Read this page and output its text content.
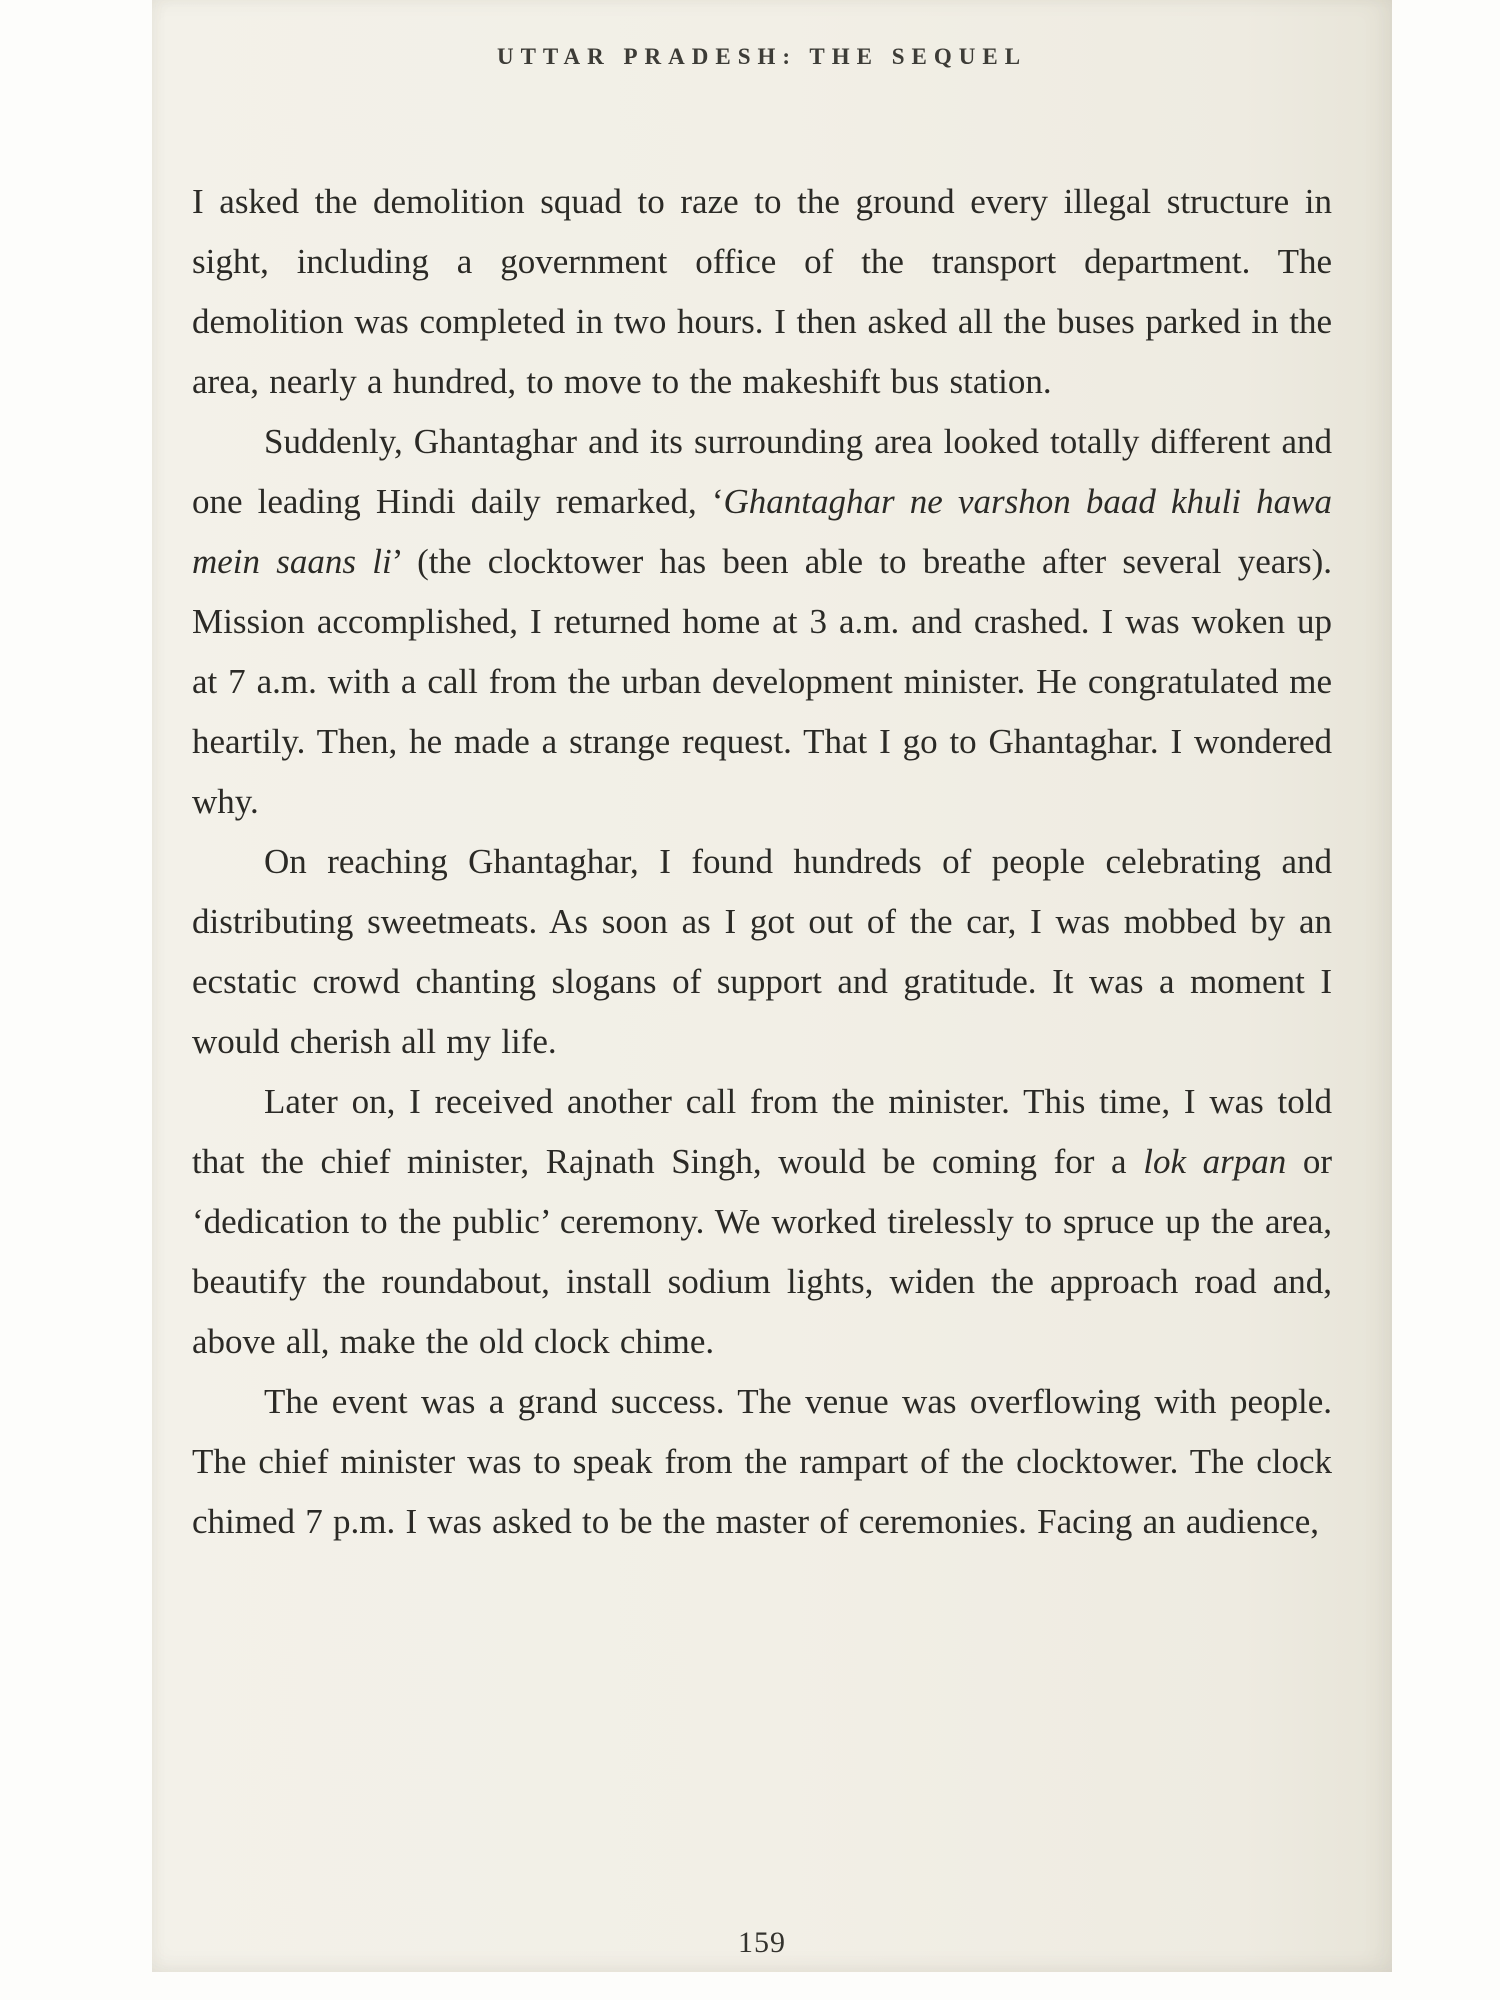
UTTAR PRADESH: THE SEQUEL

I asked the demolition squad to raze to the ground every illegal structure in sight, including a government office of the transport department. The demolition was completed in two hours. I then asked all the buses parked in the area, nearly a hundred, to move to the makeshift bus station.

Suddenly, Ghantaghar and its surrounding area looked totally different and one leading Hindi daily remarked, ‘Ghantaghar ne varshon baad khuli hawa mein saans li’ (the clocktower has been able to breathe after several years). Mission accomplished, I returned home at 3 a.m. and crashed. I was woken up at 7 a.m. with a call from the urban development minister. He congratulated me heartily. Then, he made a strange request. That I go to Ghantaghar. I wondered why.

On reaching Ghantaghar, I found hundreds of people celebrating and distributing sweetmeats. As soon as I got out of the car, I was mobbed by an ecstatic crowd chanting slogans of support and gratitude. It was a moment I would cherish all my life.

Later on, I received another call from the minister. This time, I was told that the chief minister, Rajnath Singh, would be coming for a lok arpan or ‘dedication to the public’ ceremony. We worked tirelessly to spruce up the area, beautify the roundabout, install sodium lights, widen the approach road and, above all, make the old clock chime.

The event was a grand success. The venue was overflowing with people. The chief minister was to speak from the rampart of the clocktower. The clock chimed 7 p.m. I was asked to be the master of ceremonies. Facing an audience,

159
